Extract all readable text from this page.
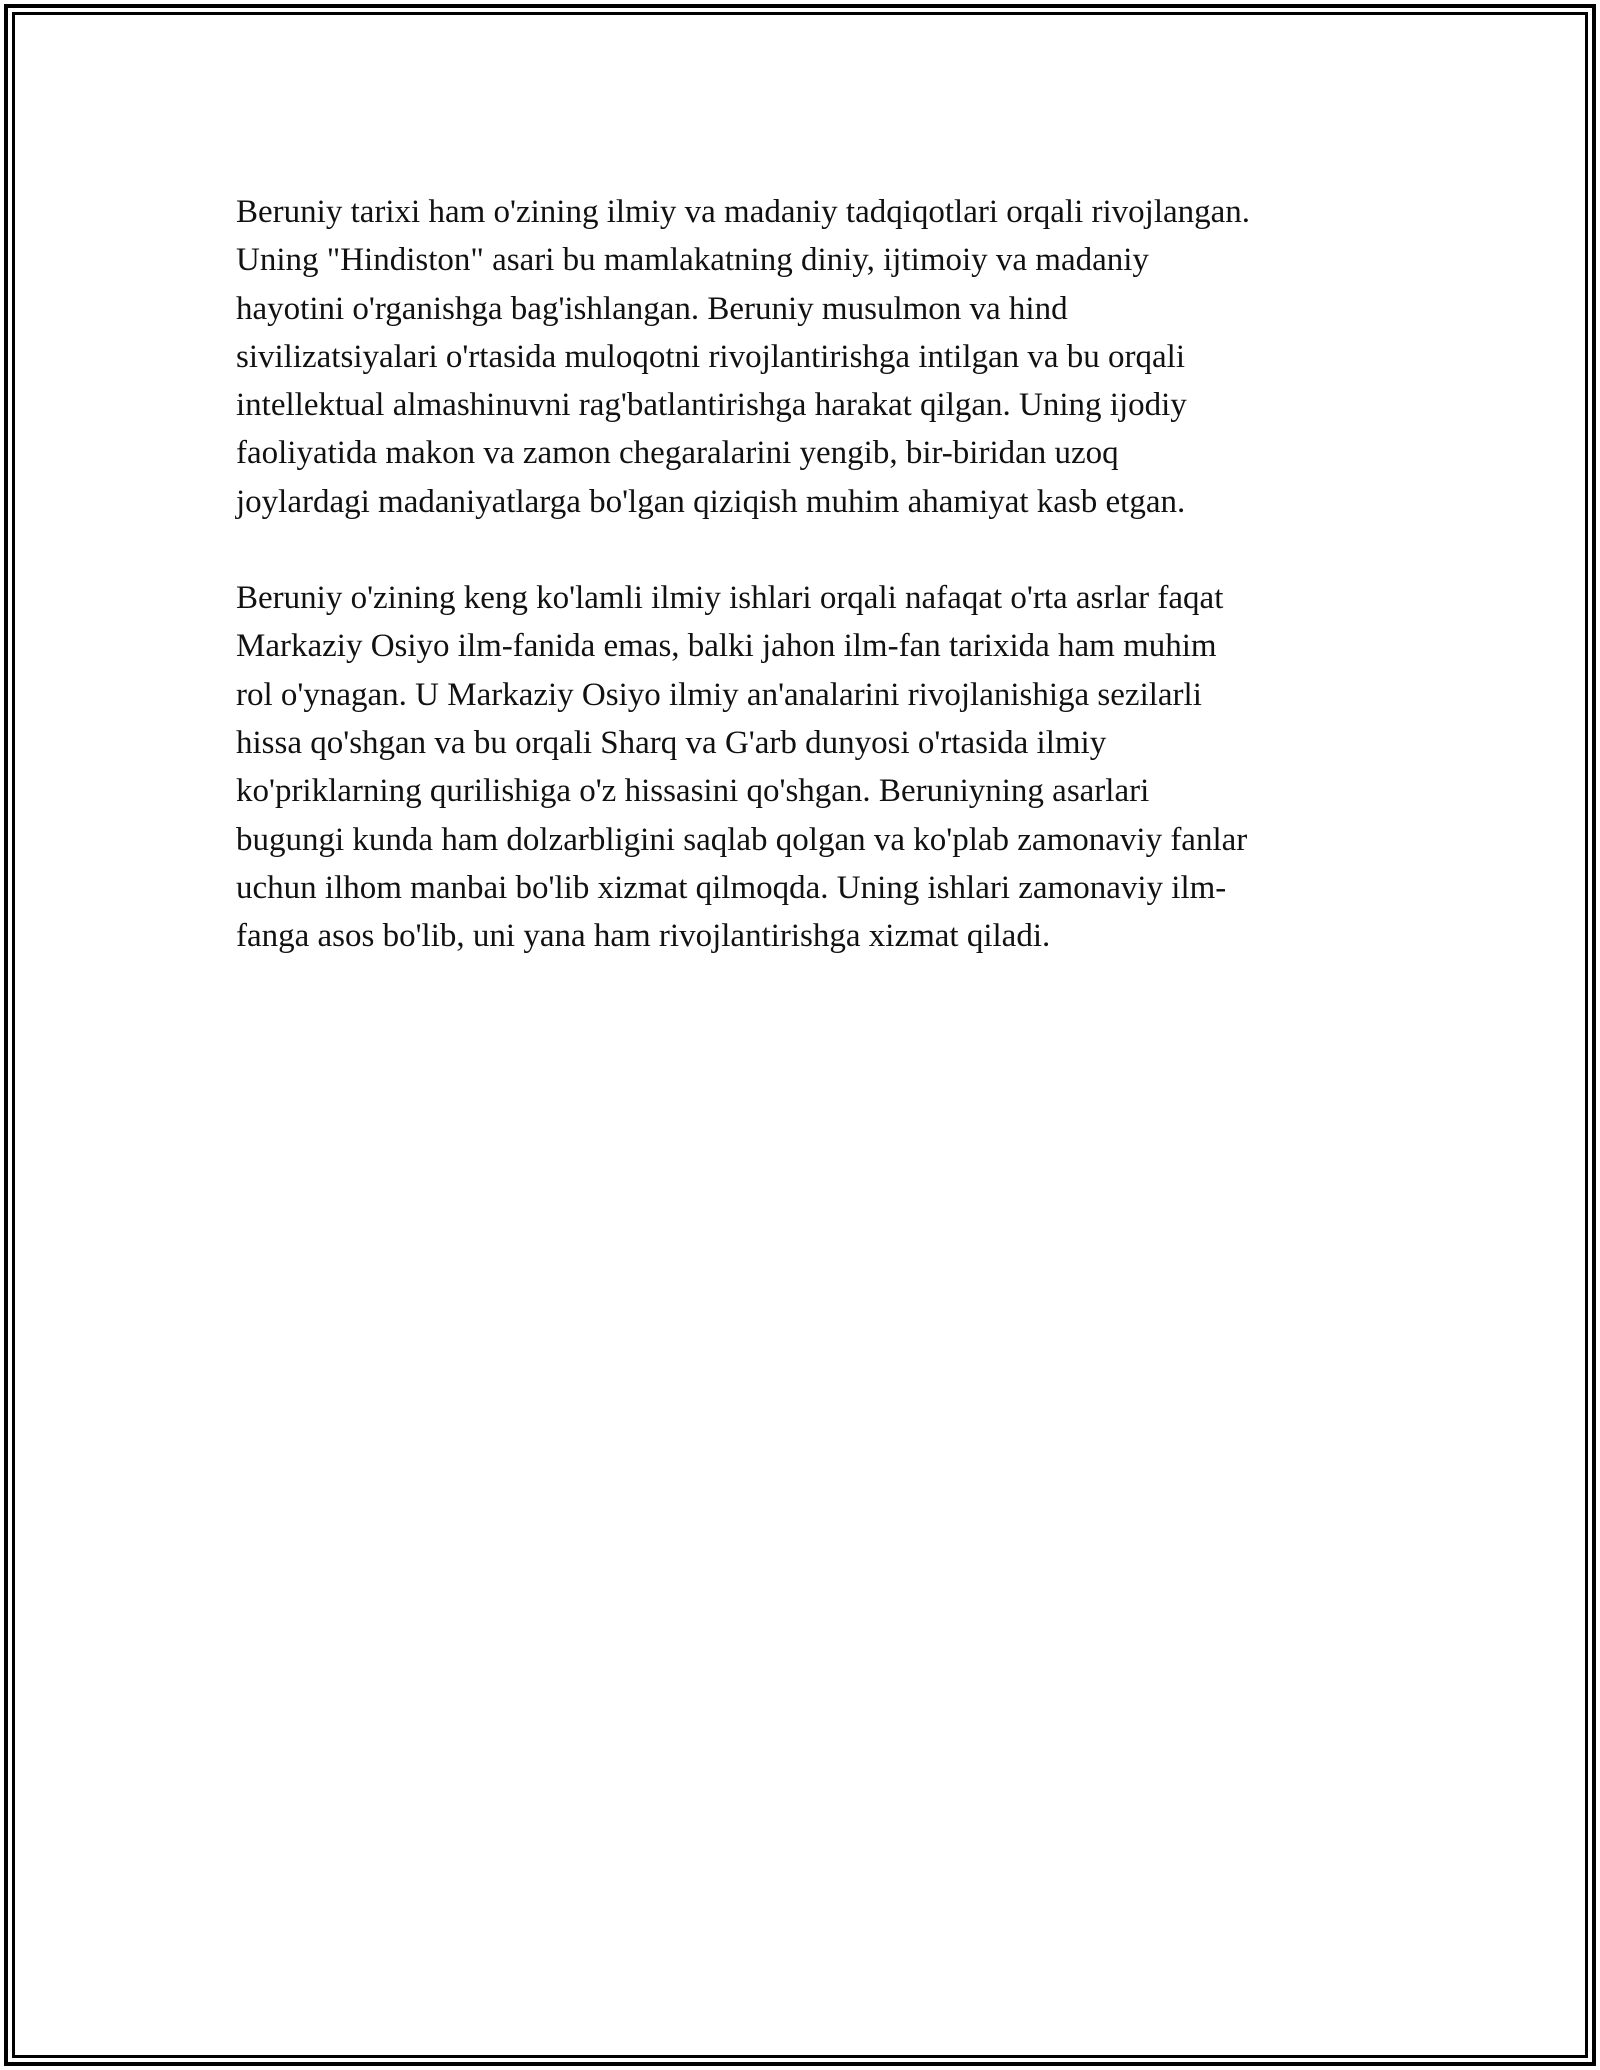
Beruniy tarixi ham o'zining ilmiy va madaniy tadqiqotlari orqali rivojlangan.
Uning "Hindiston" asari bu mamlakatning diniy, ijtimoiy va madaniy
hayotini o'rganishga bag'ishlangan. Beruniy musulmon va hind
sivilizatsiyalari o'rtasida muloqotni rivojlantirishga intilgan va bu orqali
intellektual almashinuvni rag'batlantirishga harakat qilgan. Uning ijodiy
faoliyatida makon va zamon chegaralarini yengib, bir-biridan uzoq
joylardagi madaniyatlarga bo'lgan qiziqish muhim ahamiyat kasb etgan.

Beruniy o'zining keng ko'lamli ilmiy ishlari orqali nafaqat o'rta asrlar faqat
Markaziy Osiyo ilm-fanida emas, balki jahon ilm-fan tarixida ham muhim
rol o'ynagan. U Markaziy Osiyo ilmiy an'analarini rivojlanishiga sezilarli
hissa qo'shgan va bu orqali Sharq va G'arb dunyosi o'rtasida ilmiy
ko'priklarning qurilishiga o'z hissasini qo'shgan. Beruniyning asarlari
bugungi kunda ham dolzarbligini saqlab qolgan va ko'plab zamonaviy fanlar
uchun ilhom manbai bo'lib xizmat qilmoqda. Uning ishlari zamonaviy ilm-
fanga asos bo'lib, uni yana ham rivojlantirishga xizmat qiladi.
